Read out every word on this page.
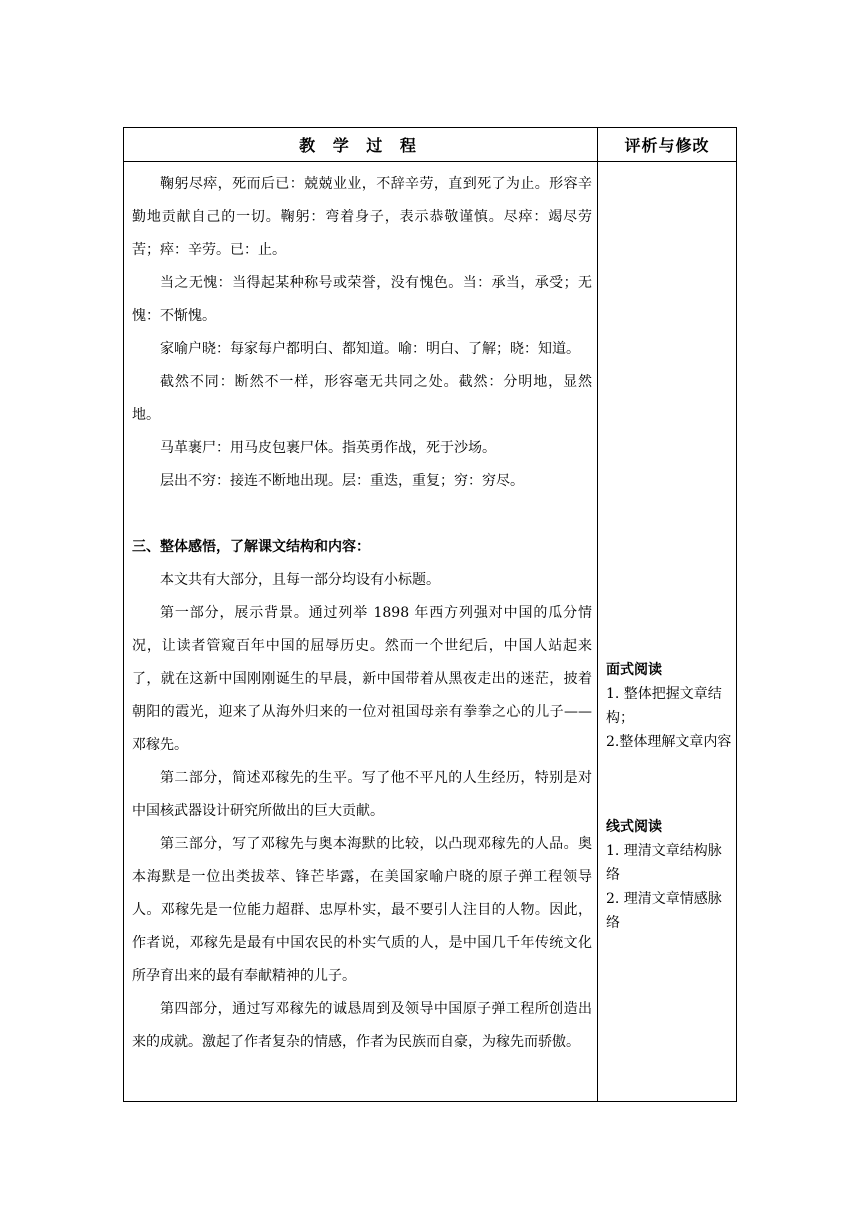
教 学 过 程	评析与修改

鞠躬尽瘁，死而后已：兢兢业业，不辞辛劳，直到死了为止。形容辛勤地贡献自己的一切。鞠躬：弯着身子，表示恭敬谨慎。尽瘁：竭尽劳苦；瘁：辛劳。已：止。

当之无愧：当得起某种称号或荣誉，没有愧色。当：承当，承受；无愧：不惭愧。

家喻户晓：每家每户都明白、都知道。喻：明白、了解；晓：知道。

截然不同：断然不一样，形容毫无共同之处。截然：分明地，显然地。

马革裹尸：用马皮包裹尸体。指英勇作战，死于沙场。

层出不穷：接连不断地出现。层：重迭，重复；穷：穷尽。

三、整体感悟，了解课文结构和内容：

本文共有大部分，且每一部分均设有小标题。

第一部分，展示背景。通过列举 1898 年西方列强对中国的瓜分情况，让读者管窥百年中国的屈辱历史。然而一个世纪后，中国人站起来了，就在这新中国刚刚诞生的早晨，新中国带着从黑夜走出的迷茫，披着朝阳的霞光，迎来了从海外归来的一位对祖国母亲有拳拳之心的儿子——邓稼先。

第二部分，简述邓稼先的生平。写了他不平凡的人生经历，特别是对中国核武器设计研究所做出的巨大贡献。

第三部分，写了邓稼先与奥本海默的比较，以凸现邓稼先的人品。奥本海默是一位出类拔萃、锋芒毕露，在美国家喻户晓的原子弹工程领导人。邓稼先是一位能力超群、忠厚朴实，最不要引人注目的人物。因此，作者说，邓稼先是最有中国农民的朴实气质的人，是中国几千年传统文化所孕育出来的最有奉献精神的儿子。

第四部分，通过写邓稼先的诚恳周到及领导中国原子弹工程所创造出来的成就。激起了作者复杂的情感，作者为民族而自豪，为稼先而骄傲。

面式阅读

1. 整体把握文章结构；

2.整体理解文章内容

线式阅读

1. 理清文章结构脉络

2. 理清文章情感脉络
